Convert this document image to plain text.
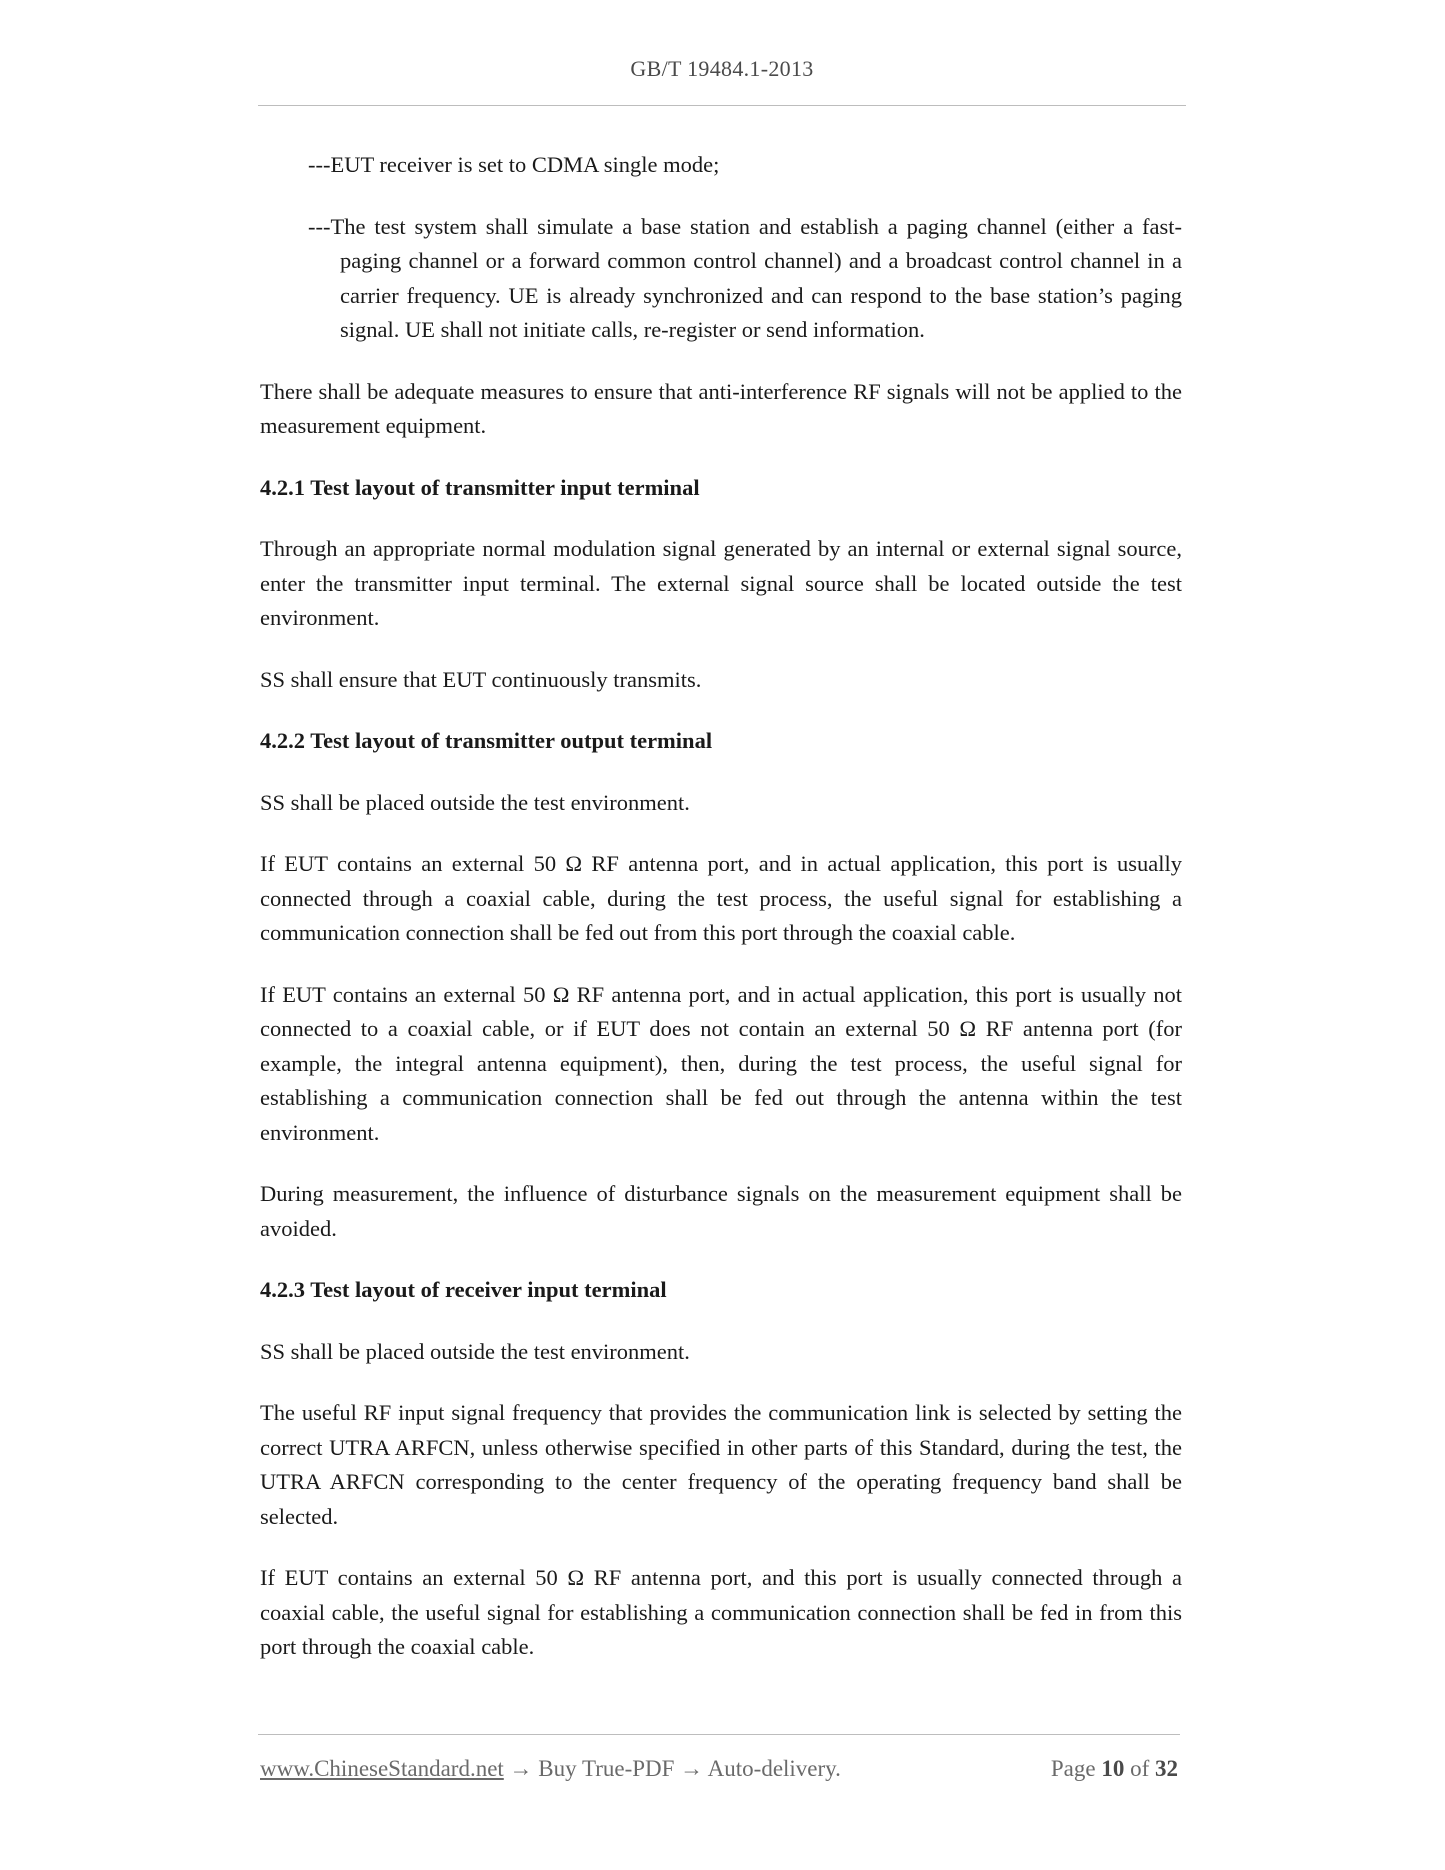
GB/T 19484.1-2013
---EUT receiver is set to CDMA single mode;
---The test system shall simulate a base station and establish a paging channel (either a fast-paging channel or a forward common control channel) and a broadcast control channel in a carrier frequency. UE is already synchronized and can respond to the base station’s paging signal. UE shall not initiate calls, re-register or send information.

There shall be adequate measures to ensure that anti-interference RF signals will not be applied to the measurement equipment.

4.2.1 Test layout of transmitter input terminal

Through an appropriate normal modulation signal generated by an internal or external signal source, enter the transmitter input terminal. The external signal source shall be located outside the test environment.

SS shall ensure that EUT continuously transmits.

4.2.2 Test layout of transmitter output terminal

SS shall be placed outside the test environment.

If EUT contains an external 50 Ω RF antenna port, and in actual application, this port is usually connected through a coaxial cable, during the test process, the useful signal for establishing a communication connection shall be fed out from this port through the coaxial cable.

If EUT contains an external 50 Ω RF antenna port, and in actual application, this port is usually not connected to a coaxial cable, or if EUT does not contain an external 50 Ω RF antenna port (for example, the integral antenna equipment), then, during the test process, the useful signal for establishing a communication connection shall be fed out through the antenna within the test environment.

During measurement, the influence of disturbance signals on the measurement equipment shall be avoided.

4.2.3 Test layout of receiver input terminal

SS shall be placed outside the test environment.

The useful RF input signal frequency that provides the communication link is selected by setting the correct UTRA ARFCN, unless otherwise specified in other parts of this Standard, during the test, the UTRA ARFCN corresponding to the center frequency of the operating frequency band shall be selected.

If EUT contains an external 50 Ω RF antenna port, and this port is usually connected through a coaxial cable, the useful signal for establishing a communication connection shall be fed in from this port through the coaxial cable.

www.ChineseStandard.net → Buy True-PDF → Auto-delivery.	Page 10 of 32
